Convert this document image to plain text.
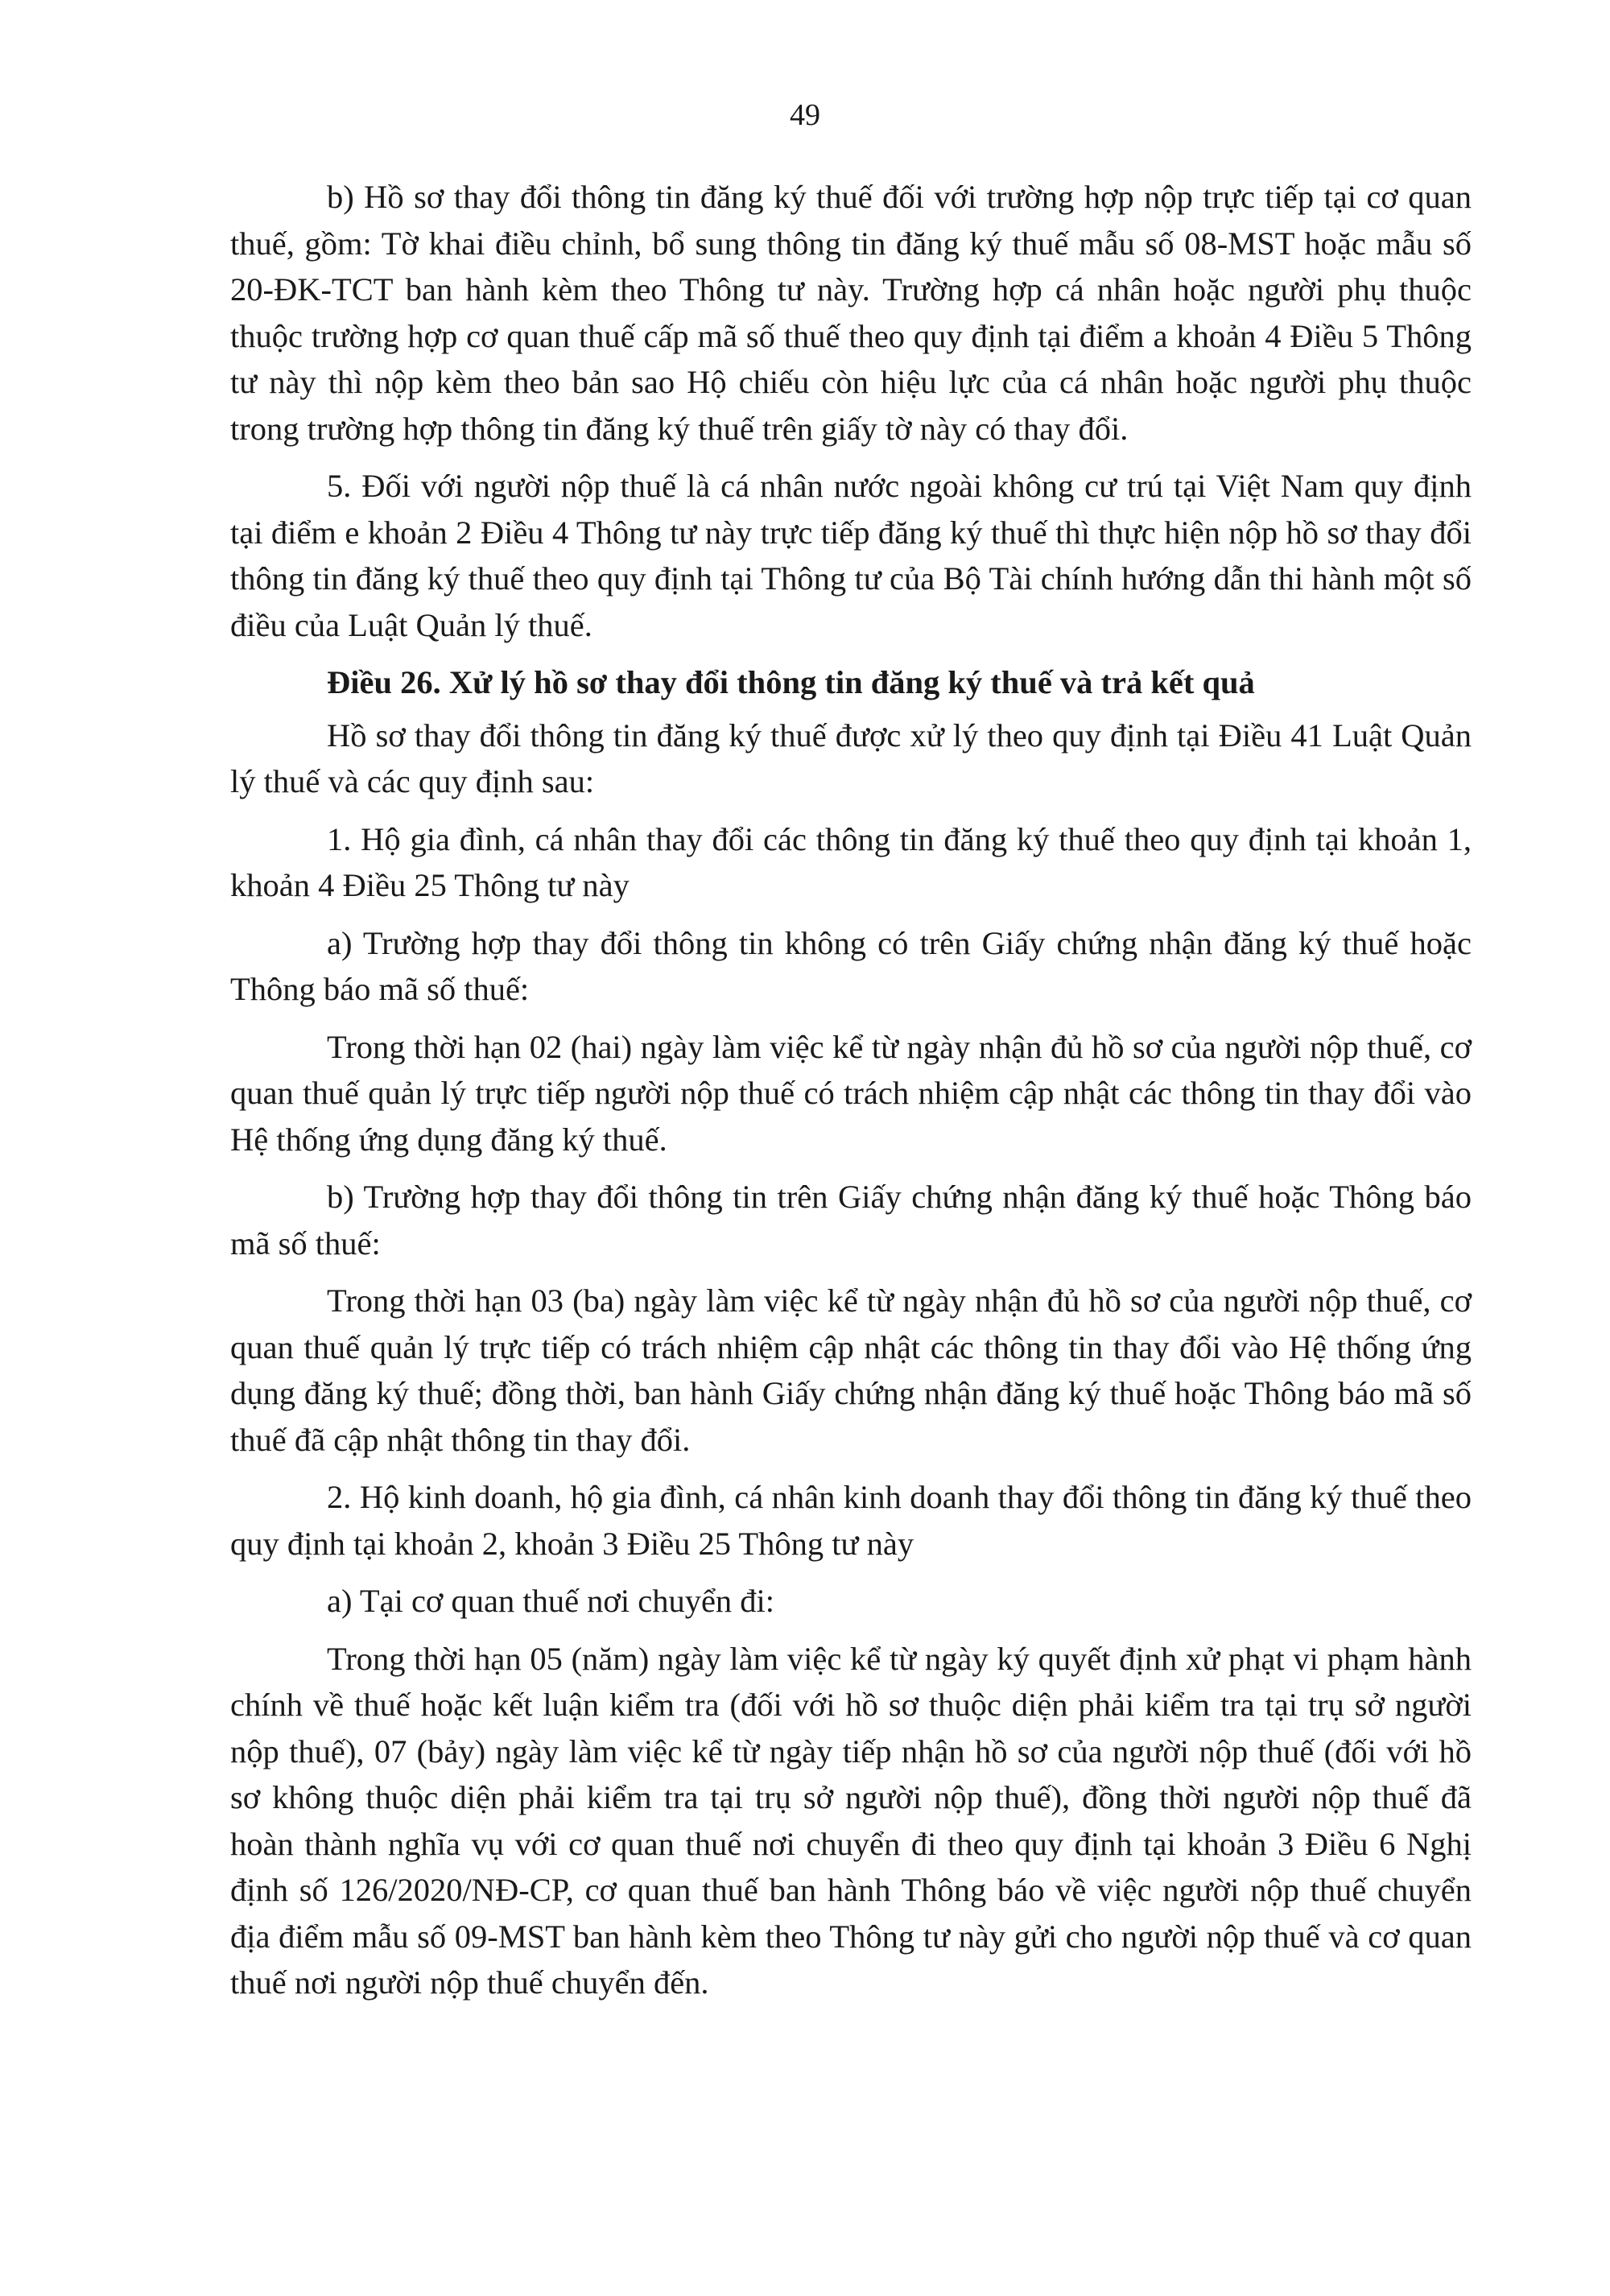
49

b) Hồ sơ thay đổi thông tin đăng ký thuế đối với trường hợp nộp trực tiếp tại cơ quan thuế, gồm: Tờ khai điều chỉnh, bổ sung thông tin đăng ký thuế mẫu số 08-MST hoặc mẫu số 20-ĐK-TCT ban hành kèm theo Thông tư này. Trường hợp cá nhân hoặc người phụ thuộc thuộc trường hợp cơ quan thuế cấp mã số thuế theo quy định tại điểm a khoản 4 Điều 5 Thông tư này thì nộp kèm theo bản sao Hộ chiếu còn hiệu lực của cá nhân hoặc người phụ thuộc trong trường hợp thông tin đăng ký thuế trên giấy tờ này có thay đổi.

5. Đối với người nộp thuế là cá nhân nước ngoài không cư trú tại Việt Nam quy định tại điểm e khoản 2 Điều 4 Thông tư này trực tiếp đăng ký thuế thì thực hiện nộp hồ sơ thay đổi thông tin đăng ký thuế theo quy định tại Thông tư của Bộ Tài chính hướng dẫn thi hành một số điều của Luật Quản lý thuế.

Điều 26. Xử lý hồ sơ thay đổi thông tin đăng ký thuế và trả kết quả

Hồ sơ thay đổi thông tin đăng ký thuế được xử lý theo quy định tại Điều 41 Luật Quản lý thuế và các quy định sau:

1. Hộ gia đình, cá nhân thay đổi các thông tin đăng ký thuế theo quy định tại khoản 1, khoản 4 Điều 25 Thông tư này

a) Trường hợp thay đổi thông tin không có trên Giấy chứng nhận đăng ký thuế hoặc Thông báo mã số thuế:

Trong thời hạn 02 (hai) ngày làm việc kể từ ngày nhận đủ hồ sơ của người nộp thuế, cơ quan thuế quản lý trực tiếp người nộp thuế có trách nhiệm cập nhật các thông tin thay đổi vào Hệ thống ứng dụng đăng ký thuế.

b) Trường hợp thay đổi thông tin trên Giấy chứng nhận đăng ký thuế hoặc Thông báo mã số thuế:

Trong thời hạn 03 (ba) ngày làm việc kể từ ngày nhận đủ hồ sơ của người nộp thuế, cơ quan thuế quản lý trực tiếp có trách nhiệm cập nhật các thông tin thay đổi vào Hệ thống ứng dụng đăng ký thuế; đồng thời, ban hành Giấy chứng nhận đăng ký thuế hoặc Thông báo mã số thuế đã cập nhật thông tin thay đổi.

2. Hộ kinh doanh, hộ gia đình, cá nhân kinh doanh thay đổi thông tin đăng ký thuế theo quy định tại khoản 2, khoản 3 Điều 25 Thông tư này

a) Tại cơ quan thuế nơi chuyển đi:

Trong thời hạn 05 (năm) ngày làm việc kể từ ngày ký quyết định xử phạt vi phạm hành chính về thuế hoặc kết luận kiểm tra (đối với hồ sơ thuộc diện phải kiểm tra tại trụ sở người nộp thuế), 07 (bảy) ngày làm việc kể từ ngày tiếp nhận hồ sơ của người nộp thuế (đối với hồ sơ không thuộc diện phải kiểm tra tại trụ sở người nộp thuế), đồng thời người nộp thuế đã hoàn thành nghĩa vụ với cơ quan thuế nơi chuyển đi theo quy định tại khoản 3 Điều 6 Nghị định số 126/2020/NĐ-CP, cơ quan thuế ban hành Thông báo về việc người nộp thuế chuyển địa điểm mẫu số 09-MST ban hành kèm theo Thông tư này gửi cho người nộp thuế và cơ quan thuế nơi người nộp thuế chuyển đến.
